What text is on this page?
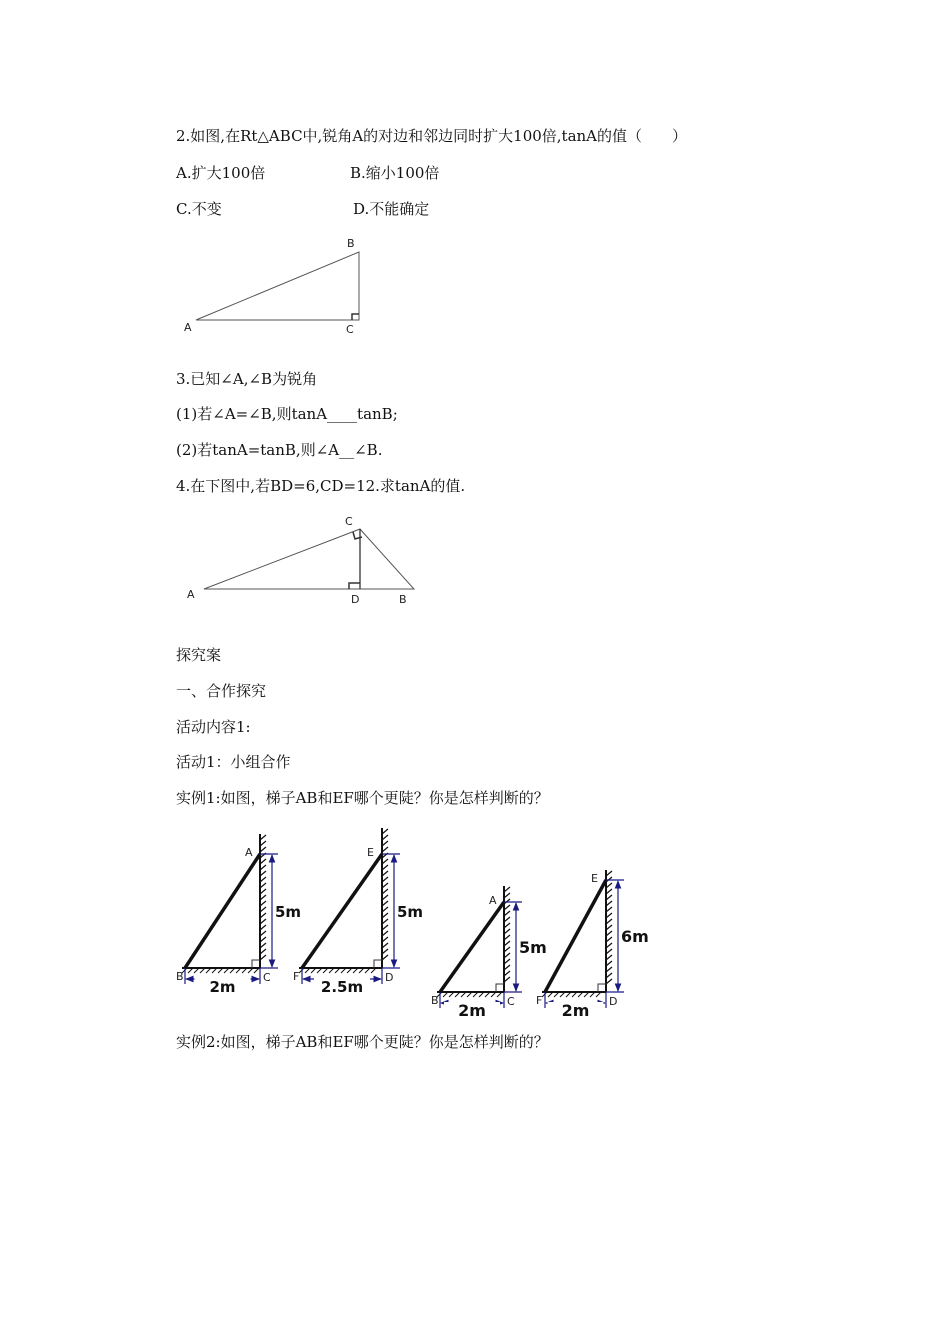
2.如图,在Rt△ABC中,锐角A的对边和邻边同时扩大100倍,tanA的值（　　）
A.扩大100倍	B.缩小100倍
C.不变	D.不能确定
A
B
C
3.已知∠A,∠B为锐角
(1)若∠A=∠B,则tanA____tanB;
(2)若tanA=tanB,则∠A__∠B.
4.在下图中,若BD=6,CD=12.求tanA的值.
A
C
D	B
探究案
一、合作探究
活动内容1:
活动1：小组合作
实例1:如图，梯子AB和EF哪个更陡？你是怎样判断的？
5m
2m
A
B	C
5m
2.5m
E
F	D
5m
2m
A
B	C
6m
2m
E
F	D
实例2:如图，梯子AB和EF哪个更陡？你是怎样判断的？
